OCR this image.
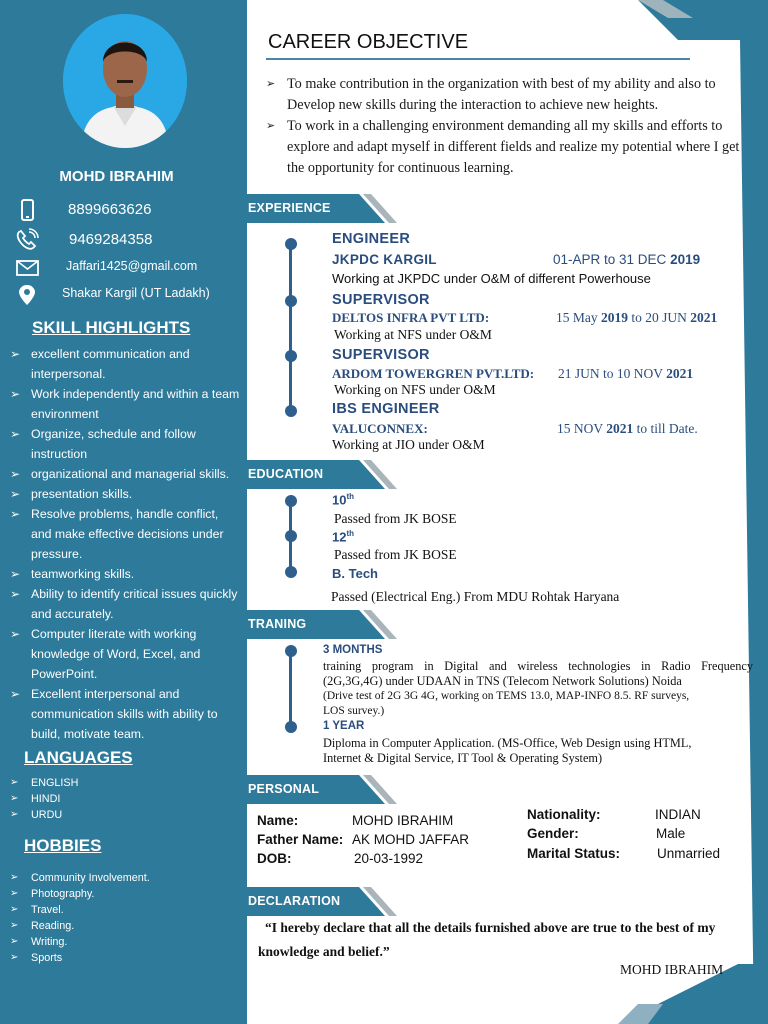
MOHD IBRAHIM
8899663626
9469284358
Jaffari1425@gmail.com
Shakar Kargil (UT Ladakh)
SKILL HIGHLIGHTS
➢ excellent communication and interpersonal.
➢ Work independently and within a team environment
➢ Organize, schedule and follow instruction
➢ organizational and managerial skills.
➢ presentation skills.
➢ Resolve problems, handle conflict, and make effective decisions under pressure.
➢ teamworking skills.
➢ Ability to identify critical issues quickly and accurately.
➢ Computer literate with working knowledge of Word, Excel, and PowerPoint.
➢ Excellent interpersonal and communication skills with ability to build, motivate team.
LANGUAGES
➢ ENGLISH
➢ HINDI
➢ URDU
HOBBIES
➢ Community Involvement.
➢ Photography.
➢ Travel.
➢ Reading.
➢ Writing.
➢ Sports
CAREER OBJECTIVE
➢ To make contribution in the organization with best of my ability and also to Develop new skills during the interaction to achieve new heights.
➢ To work in a challenging environment demanding all my skills and efforts to explore and adapt myself in different fields and realize my potential where I get the opportunity for continuous learning.
EXPERIENCE
ENGINEER
JKPDC KARGIL	01-APR to 31 DEC 2019
Working at JKPDC under O&M of different Powerhouse
SUPERVISOR
DELTOS INFRA PVT LTD:	15 May 2019 to 20 JUN 2021
Working at NFS under O&M
SUPERVISOR
ARDOM TOWERGREN PVT.LTD: 21 JUN to 10 NOV 2021
Working on NFS under O&M
IBS ENGINEER
VALUCONNEX:	15 NOV 2021 to till Date.
Working at JIO under O&M
EDUCATION
10th
Passed from JK BOSE
12th
Passed from JK BOSE
B. Tech
Passed (Electrical Eng.) From MDU Rohtak Haryana
TRANING
3 MONTHS
training program in Digital and wireless technologies in Radio Frequency
(2G,3G,4G) under UDAAN in TNS (Telecom Network Solutions) Noida
(Drive test of 2G 3G 4G, working on TEMS 13.0, MAP-INFO 8.5. RF surveys,
LOS survey.)
1 YEAR
Diploma in Computer Application. (MS-Office, Web Design using HTML,
Internet & Digital Service, IT Tool & Operating System)
PERSONAL
Name:	MOHD IBRAHIM
Father Name: AK MOHD JAFFAR
DOB:	20-03-1992
Nationality:	INDIAN
Gender:	Male
Marital Status:	Unmarried
DECLARATION
“I hereby declare that all the details furnished above are true to the best of my knowledge and belief.”
MOHD IBRAHIM
